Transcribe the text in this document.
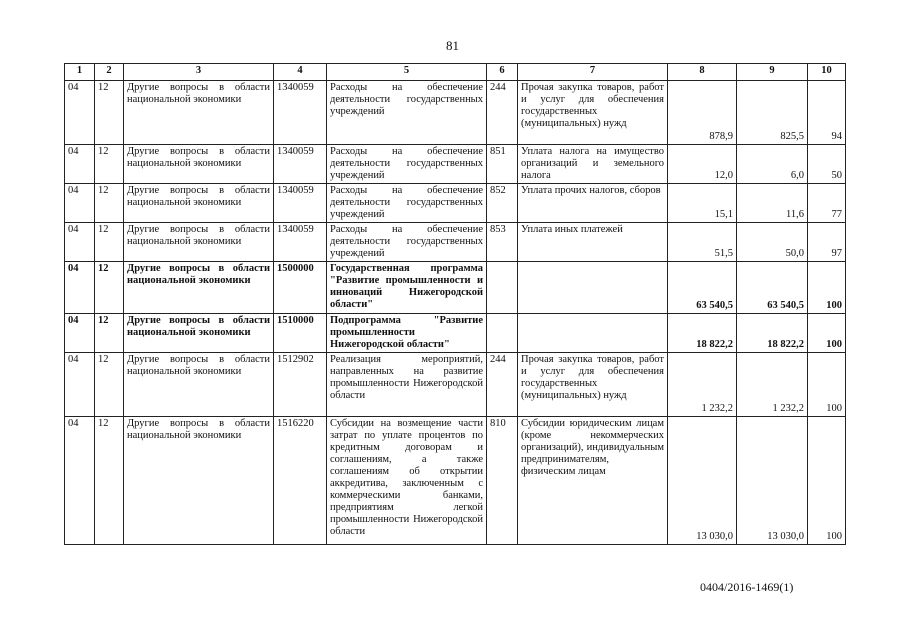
81
1	2	3	4	5	6	7	8	9	10
04	12	Другие вопросы в области национальной экономики	1340059	Расходы на обеспечение деятельности государственных учреждений	244	Прочая закупка товаров, работ и услуг для обеспечения государственных (муниципальных) нужд	878,9	825,5	94
04	12	Другие вопросы в области национальной экономики	1340059	Расходы на обеспечение деятельности государственных учреждений	851	Уплата налога на имущество организаций и земельного налога	12,0	6,0	50
04	12	Другие вопросы в области национальной экономики	1340059	Расходы на обеспечение деятельности государственных учреждений	852	Уплата прочих налогов, сборов	15,1	11,6	77
04	12	Другие вопросы в области национальной экономики	1340059	Расходы на обеспечение деятельности государственных учреждений	853	Уплата иных платежей	51,5	50,0	97
04	12	Другие вопросы в области национальной экономики	1500000	Государственная программа "Развитие промышленности и инноваций Нижегородской области"			63 540,5	63 540,5	100
04	12	Другие вопросы в области национальной экономики	1510000	Подпрограмма "Развитие промышленности Нижегородской области"			18 822,2	18 822,2	100
04	12	Другие вопросы в области национальной экономики	1512902	Реализация мероприятий, направленных на развитие промышленности Нижегородской области	244	Прочая закупка товаров, работ и услуг для обеспечения государственных (муниципальных) нужд	1 232,2	1 232,2	100
04	12	Другие вопросы в области национальной экономики	1516220	Субсидии на возмещение части затрат по уплате процентов по кредитным договорам и соглашениям, а также соглашениям об открытии аккредитива, заключенным с коммерческими банками, предприятиям легкой промышленности Нижегородской области	810	Субсидии юридическим лицам (кроме некоммерческих организаций), индивидуальным предпринимателям, физическим лицам	13 030,0	13 030,0	100
0404/2016-1469(1)
